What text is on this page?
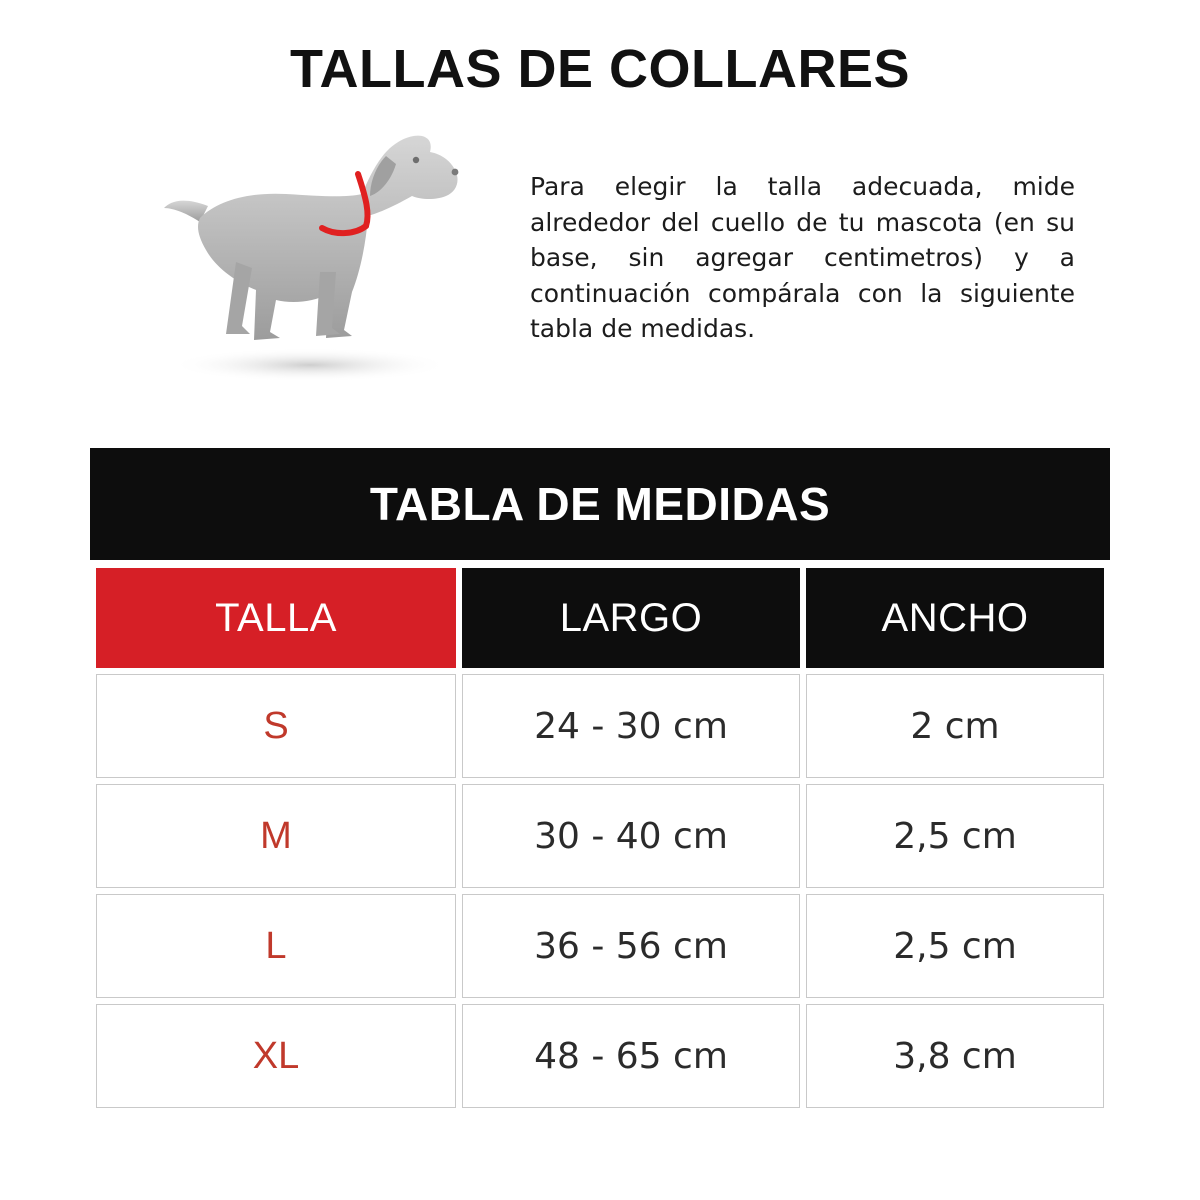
TALLAS DE COLLARES

Para elegir la talla adecuada, mide alrededor del cuello de tu mascota (en su base, sin agregar centimetros) y a continuación compárala con la siguiente tabla de medidas.

TABLA DE MEDIDAS
TALLA	LARGO	ANCHO
S	24 - 30 cm	2 cm
M	30 - 40 cm	2,5 cm
L	36 - 56 cm	2,5 cm
XL	48 - 65 cm	3,8 cm
